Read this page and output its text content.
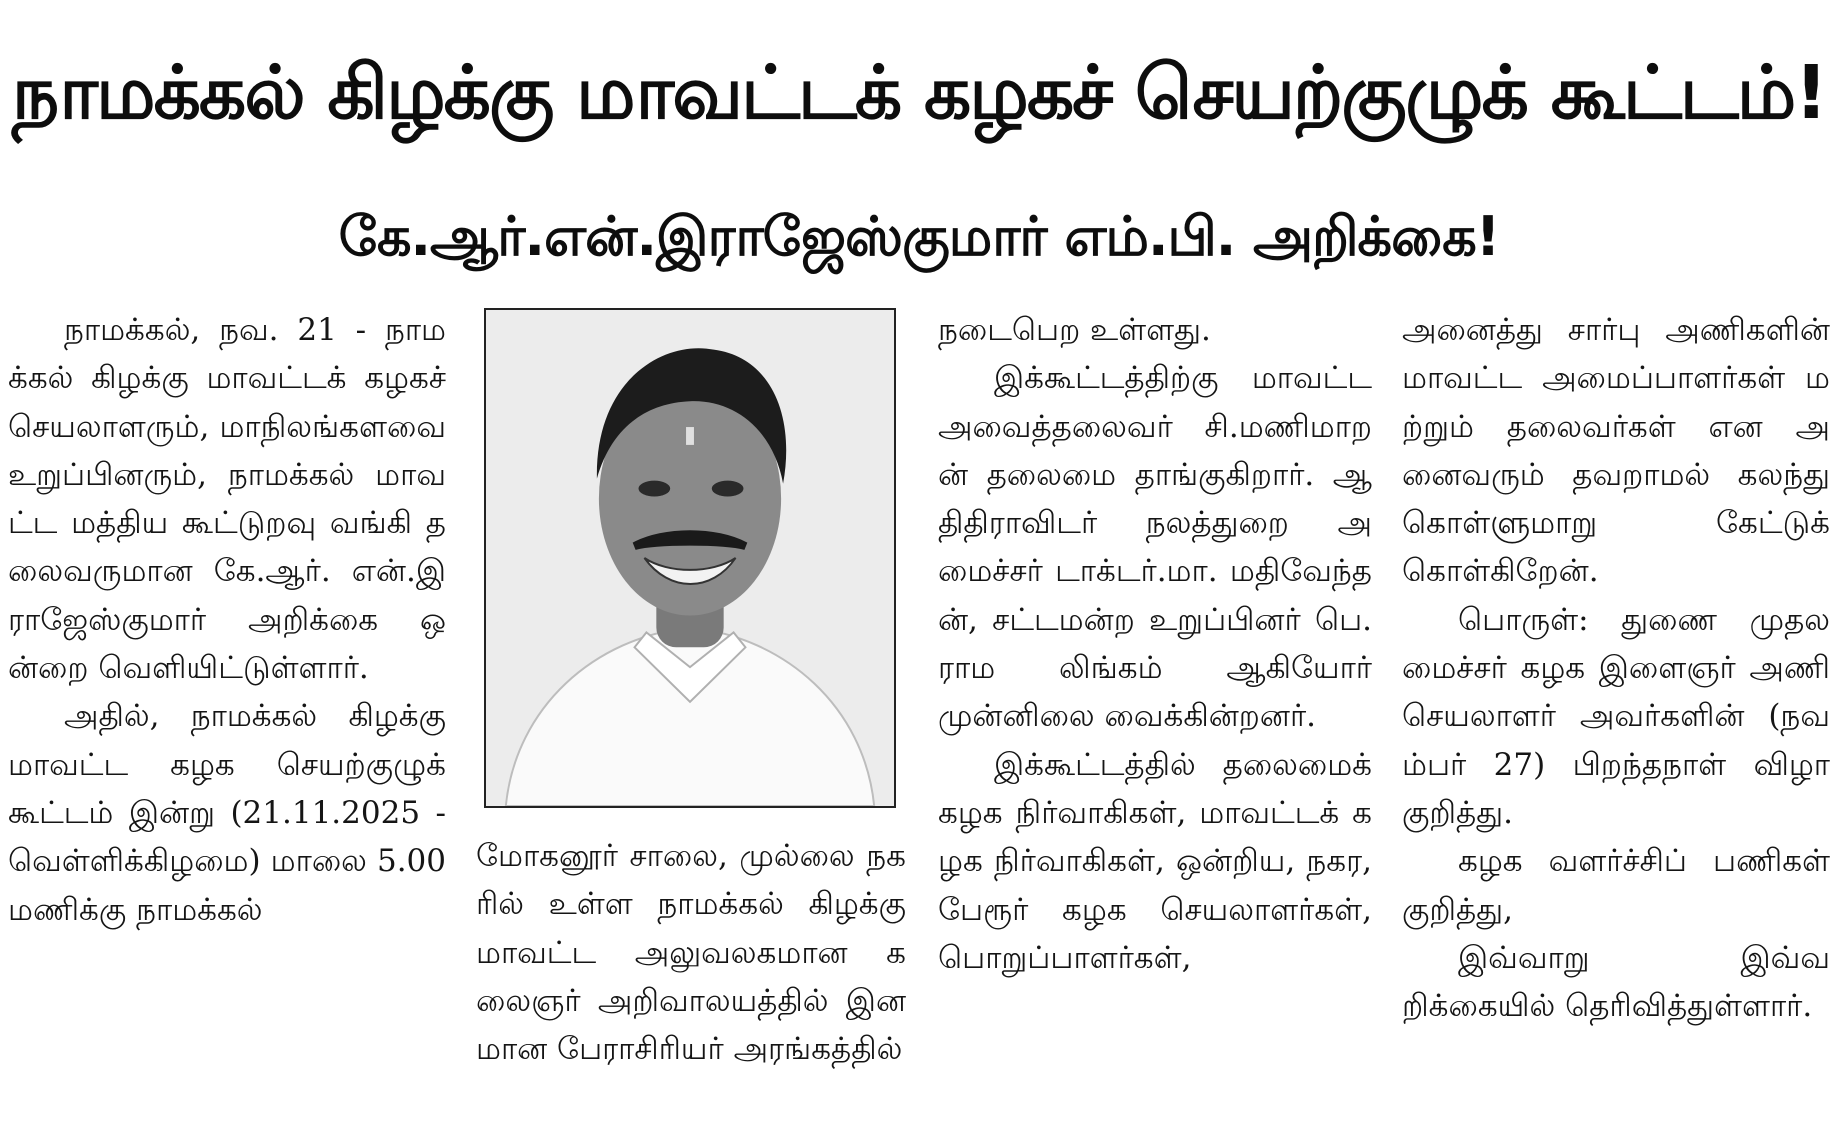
நாமக்கல் கிழக்கு மாவட்டக் கழகச் செயற்குழுக் கூட்டம்!
கே.ஆர்.என்.இராஜேஸ்குமார் எம்.பி. அறிக்கை!

நாமக்கல், நவ. 21 - நாமக்கல் கிழக்கு மாவட்டக் கழகச் செயலாளரும், மாநிலங்களவை உறுப்பினரும், நாமக்கல் மாவட்ட மத்திய கூட்டுறவு வங்கி தலைவருமான கே.ஆர். என்.இராஜேஸ்குமார் அறிக்கை ஒன்றை வெளியிட்டுள்ளார்.

அதில், நாமக்கல் கிழக்கு மாவட்ட கழக செயற்குழுக் கூட்டம் இன்று (21.11.2025 - வெள்ளிக்கிழமை) மாலை 5.00 மணிக்கு நாமக்கல்

மோகனூர் சாலை, முல்லை நகரில் உள்ள நாமக்கல் கிழக்கு மாவட்ட அலுவலகமான கலைஞர் அறிவாலயத்தில் இனமான பேராசிரியர் அரங்கத்தில்

நடைபெற உள்ளது.

இக்கூட்டத்திற்கு மாவட்ட அவைத்தலைவர் சி.மணிமாறன் தலைமை தாங்குகிறார். ஆதிதிராவிடர் நலத்துறை அமைச்சர் டாக்டர்.மா. மதிவேந்தன், சட்டமன்ற உறுப்பினர் பெ.ராம லிங்கம் ஆகியோர் முன்னிலை வைக்கின்றனர்.

இக்கூட்டத்தில் தலைமைக் கழக நிர்வாகிகள், மாவட்டக் கழக நிர்வாகிகள், ஒன்றிய, நகர, பேரூர் கழக செயலாளர்கள், பொறுப்பாளர்கள்,

அனைத்து சார்பு அணிகளின் மாவட்ட அமைப்பாளர்கள் மற்றும் தலைவர்கள் என அனைவரும் தவறாமல் கலந்து கொள்ளுமாறு கேட்டுக் கொள்கிறேன்.

பொருள்: துணை முதலமைச்சர் கழக இளைஞர் அணி செயலாளர் அவர்களின் (நவம்பர் 27) பிறந்தநாள் விழா குறித்து.

கழக வளர்ச்சிப் பணிகள் குறித்து,

இவ்வாறு இவ்வறிக்கையில் தெரிவித்துள்ளார்.
